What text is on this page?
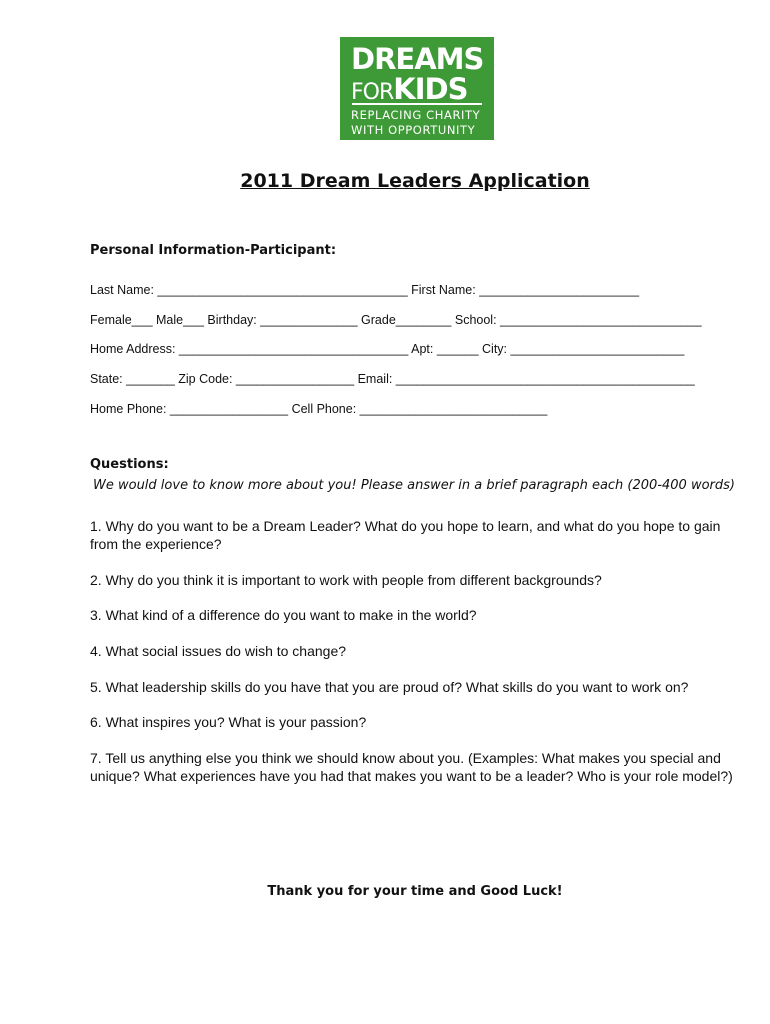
DREAMS
FORKIDS
REPLACING CHARITY
WITH OPPORTUNITY
2011 Dream Leaders Application
Personal Information-Participant:
Last Name: ____________________________________ First Name: _______________________
Female___ Male___ Birthday: ______________ Grade________ School: _____________________________
Home Address: _________________________________ Apt: ______ City: _________________________
State: _______ Zip Code: _________________ Email: ___________________________________________
Home Phone: _________________ Cell Phone: ___________________________
Questions:
We would love to know more about you! Please answer in a brief paragraph each (200-400 words)
1. Why do you want to be a Dream Leader? What do you hope to learn, and what do you hope to gain from the experience?
2. Why do you think it is important to work with people from different backgrounds?
3. What kind of a difference do you want to make in the world?
4. What social issues do wish to change?
5. What leadership skills do you have that you are proud of? What skills do you want to work on?
6. What inspires you? What is your passion?
7. Tell us anything else you think we should know about you. (Examples: What makes you special and unique? What experiences have you had that makes you want to be a leader? Who is your role model?)
Thank you for your time and Good Luck!
